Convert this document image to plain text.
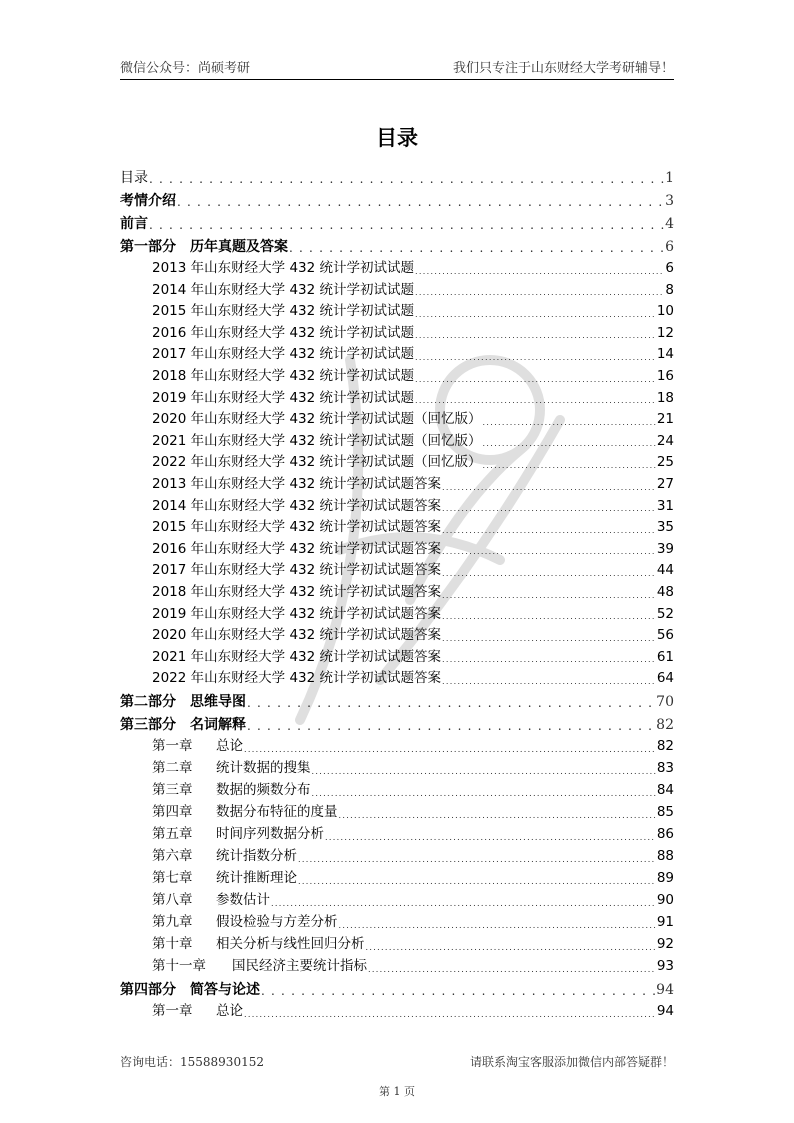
微信公众号：尚硕考研	我们只专注于山东财经大学考研辅导！
目录
目录 . . .	1
考情介绍 . . .	3
前言 . . .	4
第一部分　历年真题及答案 . . .	6
2013 年山东财经大学 432 统计学初试试题 . . .	6
2014 年山东财经大学 432 统计学初试试题 . . .	8
2015 年山东财经大学 432 统计学初试试题 . . .	10
2016 年山东财经大学 432 统计学初试试题 . . .	12
2017 年山东财经大学 432 统计学初试试题 . . .	14
2018 年山东财经大学 432 统计学初试试题 . . .	16
2019 年山东财经大学 432 统计学初试试题 . . .	18
2020 年山东财经大学 432 统计学初试试题（回忆版） . . .	21
2021 年山东财经大学 432 统计学初试试题（回忆版） . . .	24
2022 年山东财经大学 432 统计学初试试题（回忆版） . . .	25
2013 年山东财经大学 432 统计学初试试题答案 . . .	27
2014 年山东财经大学 432 统计学初试试题答案 . . .	31
2015 年山东财经大学 432 统计学初试试题答案 . . .	35
2016 年山东财经大学 432 统计学初试试题答案 . . .	39
2017 年山东财经大学 432 统计学初试试题答案 . . .	44
2018 年山东财经大学 432 统计学初试试题答案 . . .	48
2019 年山东财经大学 432 统计学初试试题答案 . . .	52
2020 年山东财经大学 432 统计学初试试题答案 . . .	56
2021 年山东财经大学 432 统计学初试试题答案 . . .	61
2022 年山东财经大学 432 统计学初试试题答案 . . .	64
第二部分　思维导图 . . .	70
第三部分　名词解释 . . .	82
第一章 总论 . . .	82
第二章 统计数据的搜集 . . .	83
第三章 数据的频数分布 . . .	84
第四章 数据分布特征的度量 . . .	85
第五章 时间序列数据分析 . . .	86
第六章 统计指数分析 . . .	88
第七章 统计推断理论 . . .	89
第八章 参数估计 . . .	90
第九章 假设检验与方差分析 . . .	91
第十章 相关分析与线性回归分析 . . .	92
第十一章 国民经济主要统计指标 . . .	93
第四部分　简答与论述 . . .	94
第一章 总论 . . .	94
咨询电话：15588930152	请联系淘宝客服添加微信内部答疑群！
第 1 页
